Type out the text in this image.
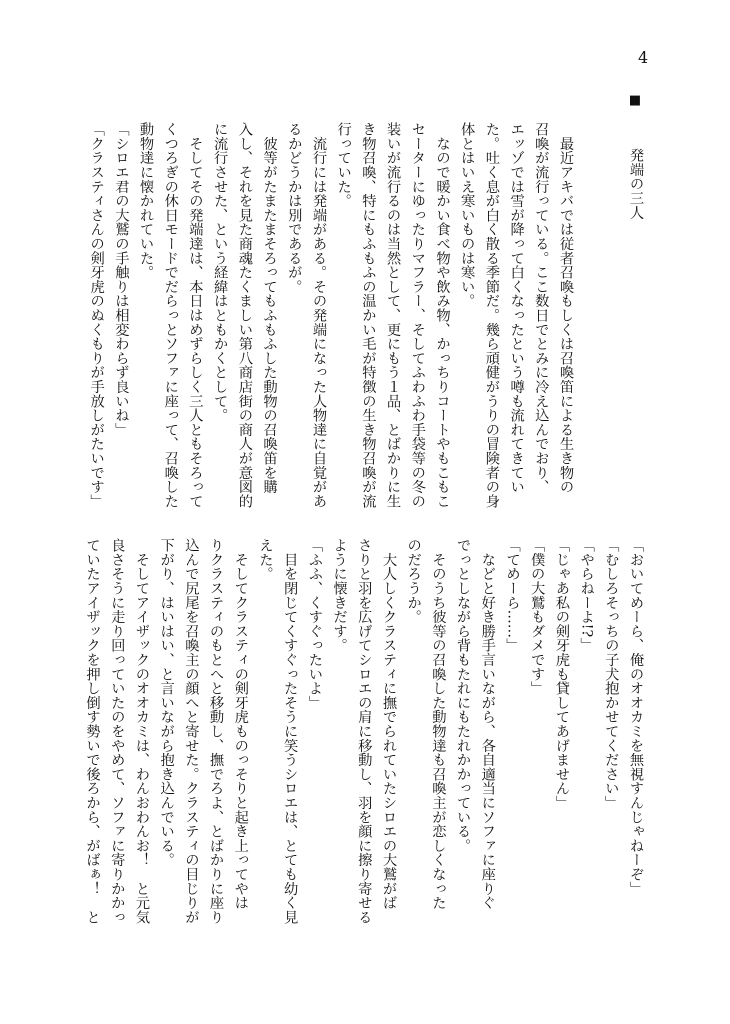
4
■
発端の三人
　最近アキバでは従者召喚もしくは召喚笛による生き物の
召喚が流行っている。ここ数日でとみに冷え込んでおり、
エッゾでは雪が降って白くなったという噂も流れてきてい
た。吐く息が白く散る季節だ。幾ら頑健がうりの冒険者の身
体とはいえ寒いものは寒い。
　なので暖かい食べ物や飲み物、かっちりコートやもこもこ
セーターにゆったりマフラー、そしてふわふわ手袋等の冬の
装いが流行るのは当然として、更にもう１品、とばかりに生
き物召喚、特にもふもふの温かい毛が特徴の生き物召喚が流
行っていた。
　流行には発端がある。その発端になった人物達に自覚があ
るかどうかは別であるが。
　彼等がたまたまそろってもふもふした動物の召喚笛を購
入し、それを見た商魂たくましい第八商店街の商人が意図的
に流行させた、という経緯はともかくとして。
　そしてその発端達は、本日はめずらしく三人ともそろって
くつろぎの休日モードでだらっとソファに座って、召喚した
動物達に懐かれていた。
「シロエ君の大鷲の手触りは相変わらず良いね」
「クラスティさんの剣牙虎のぬくもりが手放しがたいです」
「おいてめーら、俺のオオカミを無視すんじゃねーぞ」
「むしろそっちの子犬抱かせてください」
「やらねーよ!?」
「じゃあ私の剣牙虎も貸してあげません」
「僕の大鷲もダメです」
「てめーら……」
　などと好き勝手言いながら、各自適当にソファに座りぐ
でっとしながら背もたれにもたれかかっている。
　そのうち彼等の召喚した動物達も召喚主が恋しくなった
のだろうか。
　大人しくクラスティに撫でられていたシロエの大鷲がば
さりと羽を広げてシロエの肩に移動し、羽を顔に擦り寄せる
ように懐きだす。
「ふふ、くすぐったいよ」
　目を閉じてくすぐったそうに笑うシロエは、とても幼く見
えた。
　そしてクラスティの剣牙虎ものっそりと起き上ってやは
りクラスティのもとへと移動し、撫でろよ、とばかりに座り
込んで尻尾を召喚主の顔へと寄せた。クラスティの目じりが
下がり、はいはい、と言いながら抱き込んでいる。
　そしてアイザックのオオカミは、わんおわんお！　と元気
良さそうに走り回っていたのをやめて、ソファに寄りかかっ
ていたアイザックを押し倒す勢いで後ろから、がばぁ！　と
